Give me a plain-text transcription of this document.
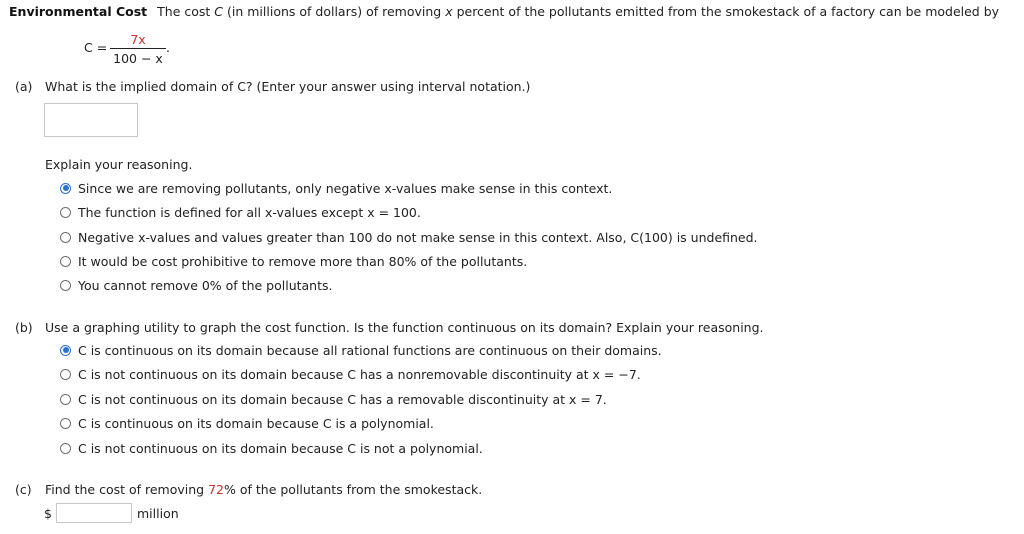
Environmental Cost The cost C (in millions of dollars) of removing x percent of the pollutants emitted from the smokestack of a factory can be modeled by
C =
7x
100 − x
.
(a) What is the implied domain of C? (Enter your answer using interval notation.)
Explain your reasoning.
Since we are removing pollutants, only negative x-values make sense in this context.
The function is defined for all x-values except x = 100.
Negative x-values and values greater than 100 do not make sense in this context. Also, C(100) is undefined.
It would be cost prohibitive to remove more than 80% of the pollutants.
You cannot remove 0% of the pollutants.
(b) Use a graphing utility to graph the cost function. Is the function continuous on its domain? Explain your reasoning.
C is continuous on its domain because all rational functions are continuous on their domains.
C is not continuous on its domain because C has a nonremovable discontinuity at x = −7.
C is not continuous on its domain because C has a removable discontinuity at x = 7.
C is continuous on its domain because C is a polynomial.
C is not continuous on its domain because C is not a polynomial.
(c) Find the cost of removing 72% of the pollutants from the smokestack.
$	million
